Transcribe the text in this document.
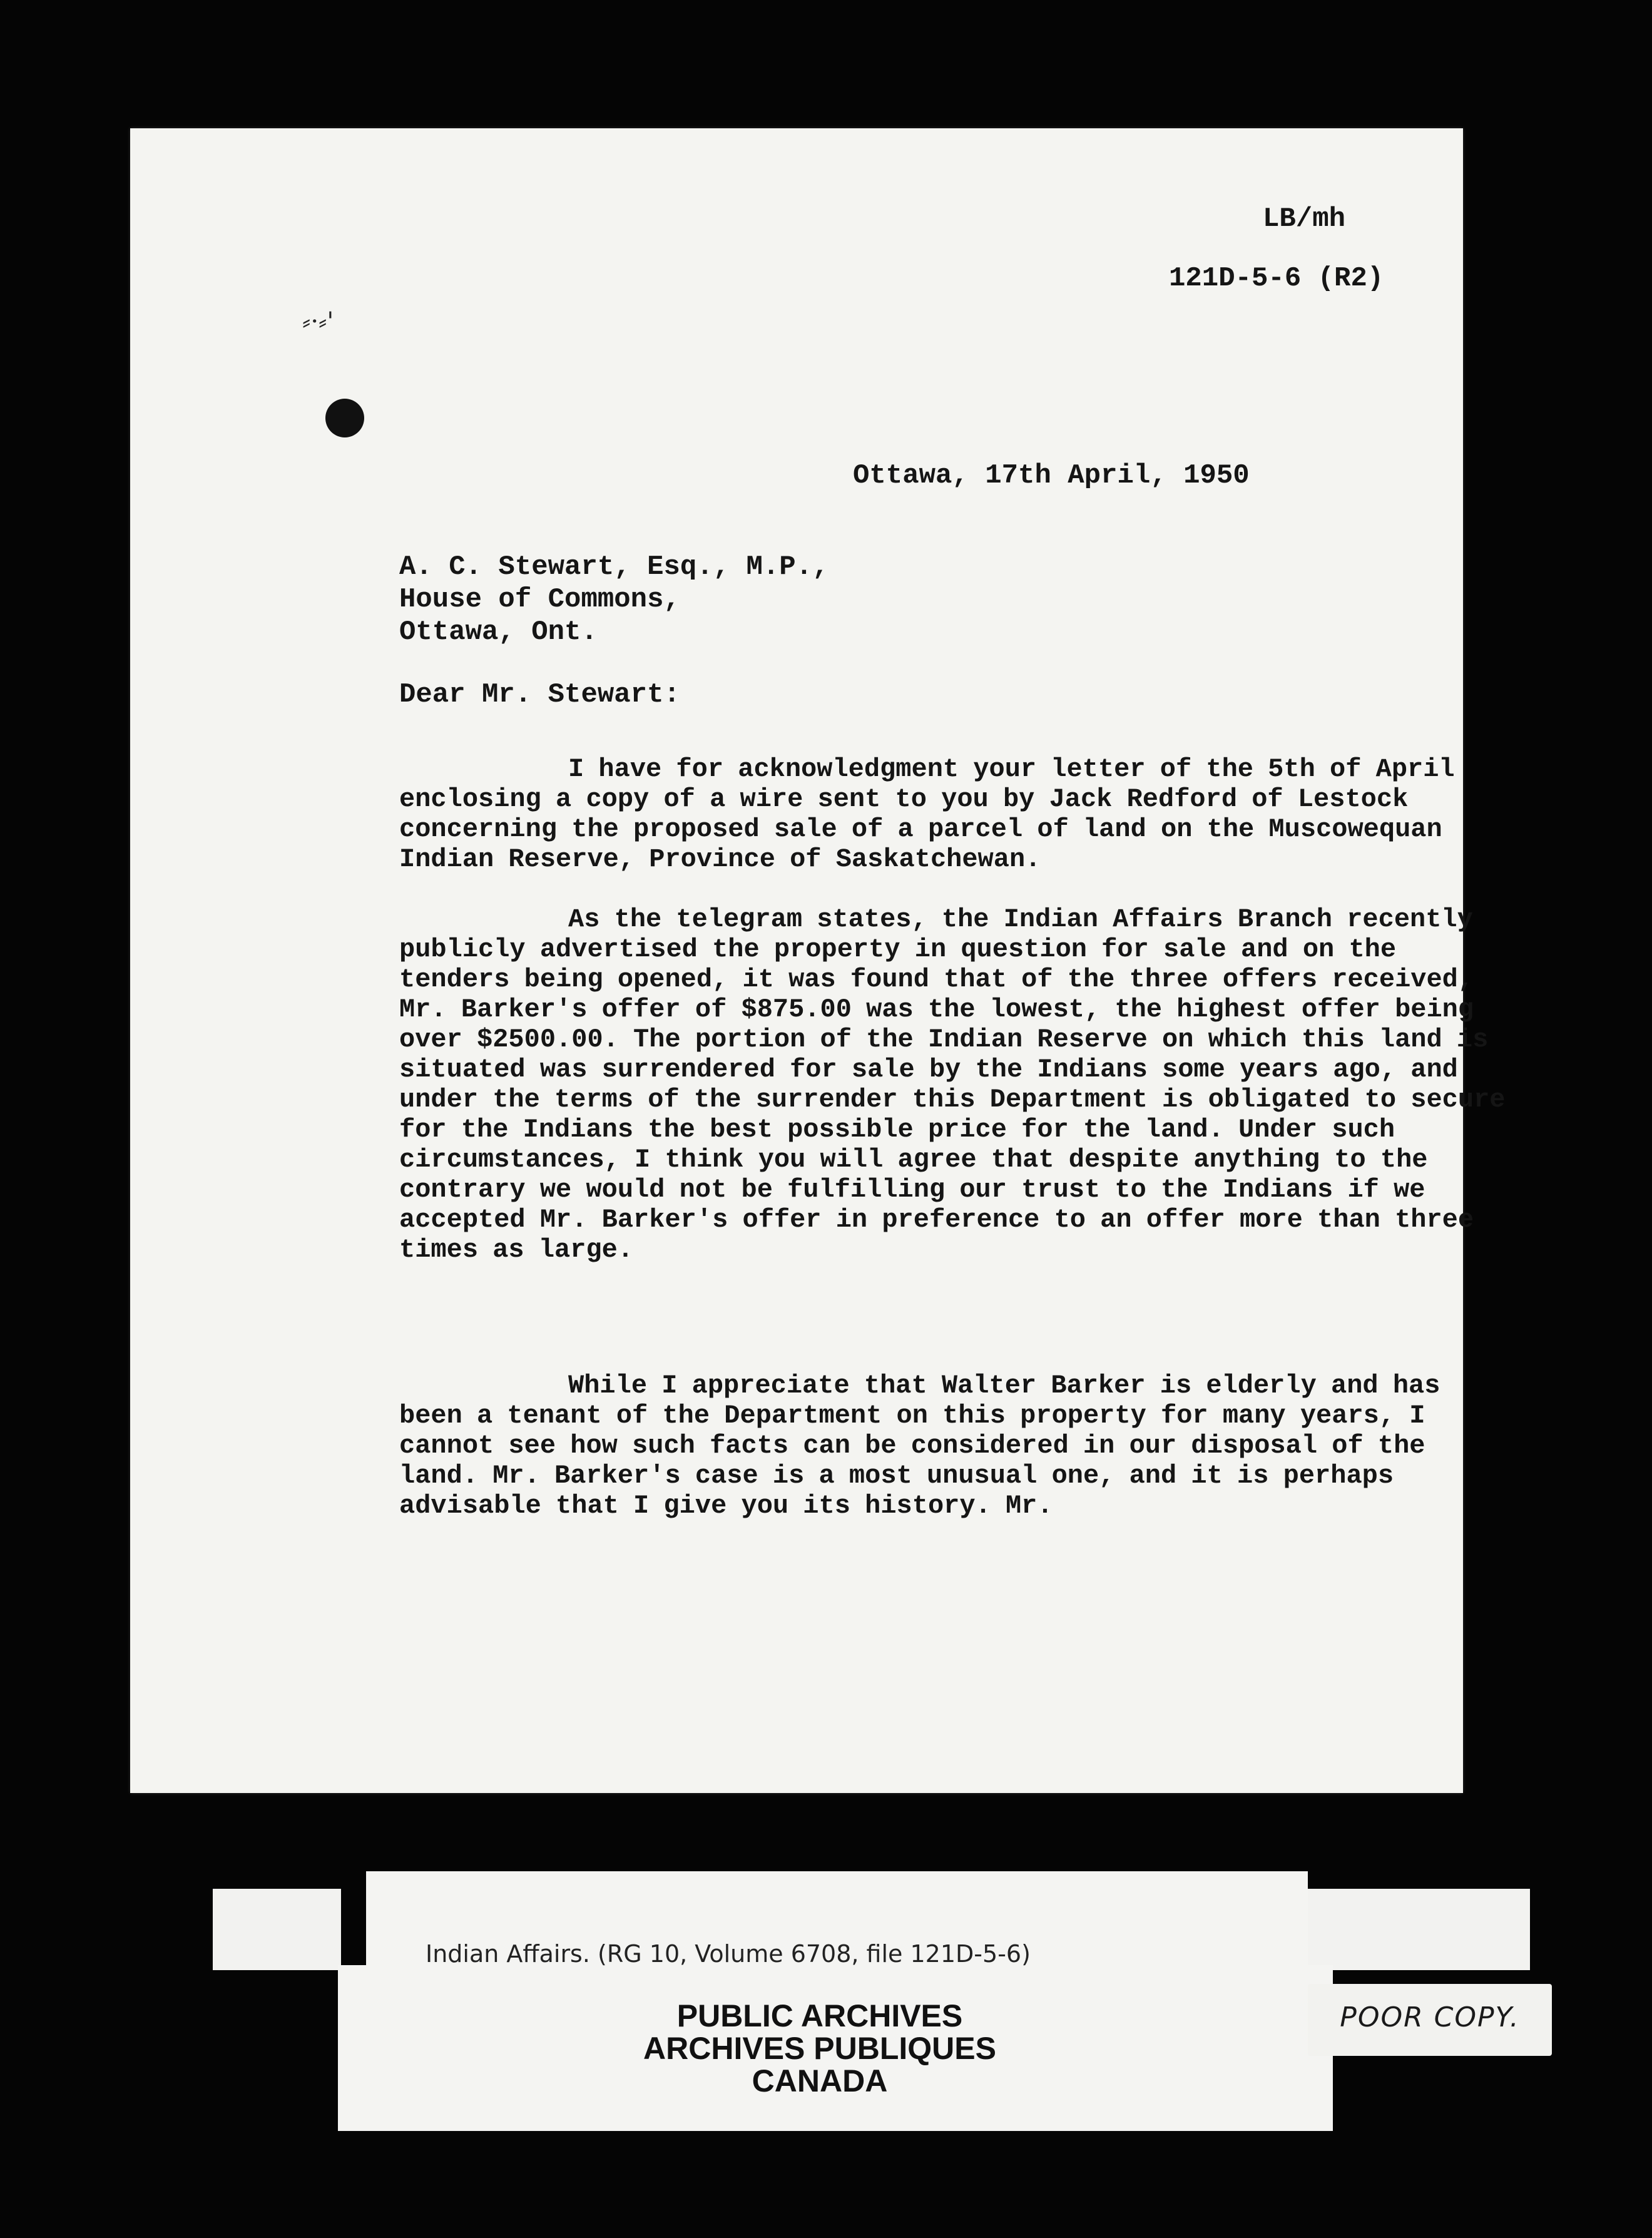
⸗·⸗'
LB/mh
121D-5-6 (R2)
Ottawa, 17th April, 1950
A. C. Stewart, Esq., M.P.,
House of Commons,
Ottawa, Ont.
Dear Mr. Stewart:
I have for acknowledgment your letter of the 5th of April enclosing a copy of a wire sent to you by Jack Redford of Lestock concerning the proposed sale of a parcel of land on the Muscowequan Indian Reserve, Province of Saskatchewan.
As the telegram states, the Indian Affairs Branch recently publicly advertised the property in question for sale and on the tenders being opened, it was found that of the three offers received, Mr. Barker's offer of $875.00 was the lowest, the highest offer being over $2500.00. The portion of the Indian Reserve on which this land is situated was surrendered for sale by the Indians some years ago, and under the terms of the surrender this Department is obligated to secure for the Indians the best possible price for the land. Under such circumstances, I think you will agree that despite anything to the contrary we would not be fulfilling our trust to the Indians if we accepted Mr. Barker's offer in preference to an offer more than three times as large.
While I appreciate that Walter Barker is elderly and has been a tenant of the Department on this property for many years, I cannot see how such facts can be considered in our disposal of the land. Mr. Barker's case is a most unusual one, and it is perhaps advisable that I give you its history. Mr.
Indian Affairs. (RG 10, Volume 6708, file 121D-5-6)
PUBLIC ARCHIVES
ARCHIVES PUBLIQUES
CANADA
POOR COPY.
